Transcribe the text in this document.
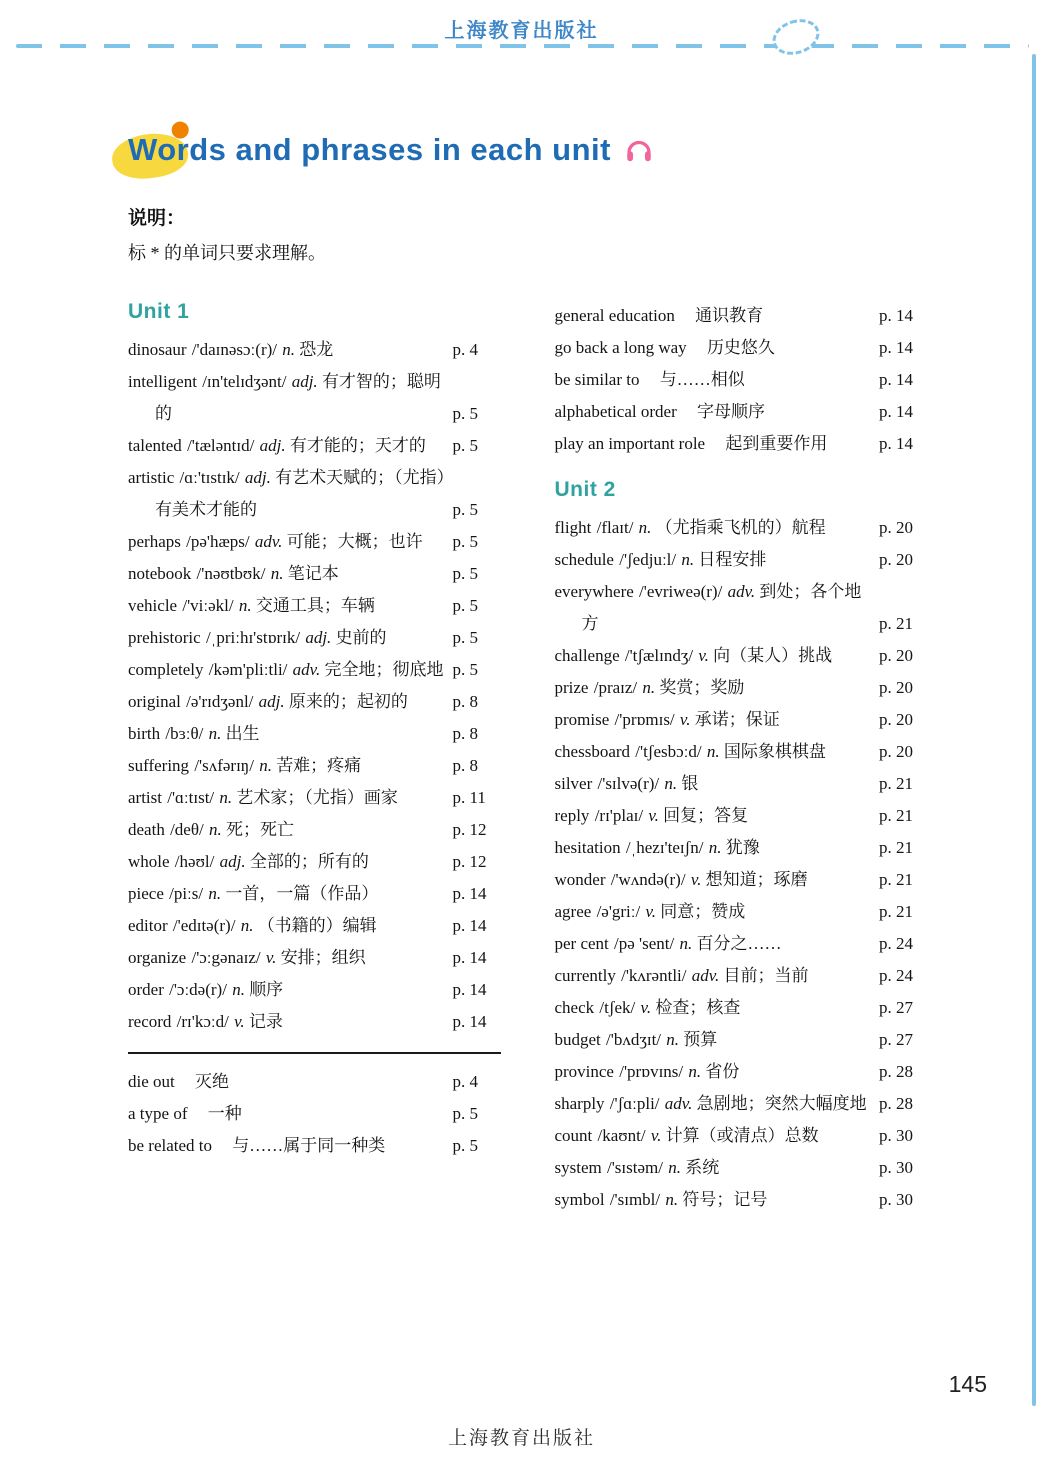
上海教育出版社
Words and phrases in each unit
说明：
标 * 的单词只要求理解。
Unit 1
dinosaur /'daɪnəsɔː(r)/ n. 恐龙	p. 4
intelligent /ɪn'telɪdʒənt/ adj. 有才智的；聪明的	p. 5
talented /'tæləntɪd/ adj. 有才能的；天才的	p. 5
artistic /ɑː'tɪstɪk/ adj. 有艺术天赋的；（尤指）有美术才能的	p. 5
perhaps /pə'hæps/ adv. 可能；大概；也许	p. 5
notebook /'nəʊtbʊk/ n. 笔记本	p. 5
vehicle /'viːəkl/ n. 交通工具；车辆	p. 5
prehistoric /ˌpriːhɪ'stɒrɪk/ adj. 史前的	p. 5
completely /kəm'pliːtli/ adv. 完全地；彻底地 p. 5
original /ə'rɪdʒənl/ adj. 原来的；起初的	p. 8
birth /bɜːθ/ n. 出生	p. 8
suffering /'sʌfərɪŋ/ n. 苦难；疼痛	p. 8
artist /'ɑːtɪst/ n. 艺术家；（尤指）画家	p. 11
death /deθ/ n. 死；死亡	p. 12
whole /həʊl/ adj. 全部的；所有的	p. 12
piece /piːs/ n. 一首，一篇（作品）	p. 14
editor /'edɪtə(r)/ n. （书籍的）编辑	p. 14
organize /'ɔːgənaɪz/ v. 安排；组织	p. 14
order /'ɔːdə(r)/ n. 顺序	p. 14
record /rɪ'kɔːd/ v. 记录	p. 14
die out 灭绝	p. 4
a type of 一种	p. 5
be related to 与……属于同一种类	p. 5
general education 通识教育	p. 14
go back a long way 历史悠久	p. 14
be similar to 与……相似	p. 14
alphabetical order 字母顺序	p. 14
play an important role 起到重要作用	p. 14
Unit 2
flight /flaɪt/ n. （尤指乘飞机的）航程	p. 20
schedule /'ʃedjuːl/ n. 日程安排	p. 20
everywhere /'evriweə(r)/ adv. 到处；各个地方	p. 21
challenge /'tʃælɪndʒ/ v. 向（某人）挑战	p. 20
prize /praɪz/ n. 奖赏；奖励	p. 20
promise /'prɒmɪs/ v. 承诺；保证	p. 20
chessboard /'tʃesbɔːd/ n. 国际象棋棋盘	p. 20
silver /'sɪlvə(r)/ n. 银	p. 21
reply /rɪ'plaɪ/ v. 回复；答复	p. 21
hesitation /ˌhezɪ'teɪʃn/ n. 犹豫	p. 21
wonder /'wʌndə(r)/ v. 想知道；琢磨	p. 21
agree /ə'griː/ v. 同意；赞成	p. 21
per cent /pə 'sent/ n. 百分之……	p. 24
currently /'kʌrəntli/ adv. 目前；当前	p. 24
check /tʃek/ v. 检查；核查	p. 27
budget /'bʌdʒɪt/ n. 预算	p. 27
province /'prɒvɪns/ n. 省份	p. 28
sharply /'ʃɑːpli/ adv. 急剧地；突然大幅度地 p. 28
count /kaʊnt/ v. 计算（或清点）总数	p. 30
system /'sɪstəm/ n. 系统	p. 30
symbol /'sɪmbl/ n. 符号；记号	p. 30
145
上海教育出版社
